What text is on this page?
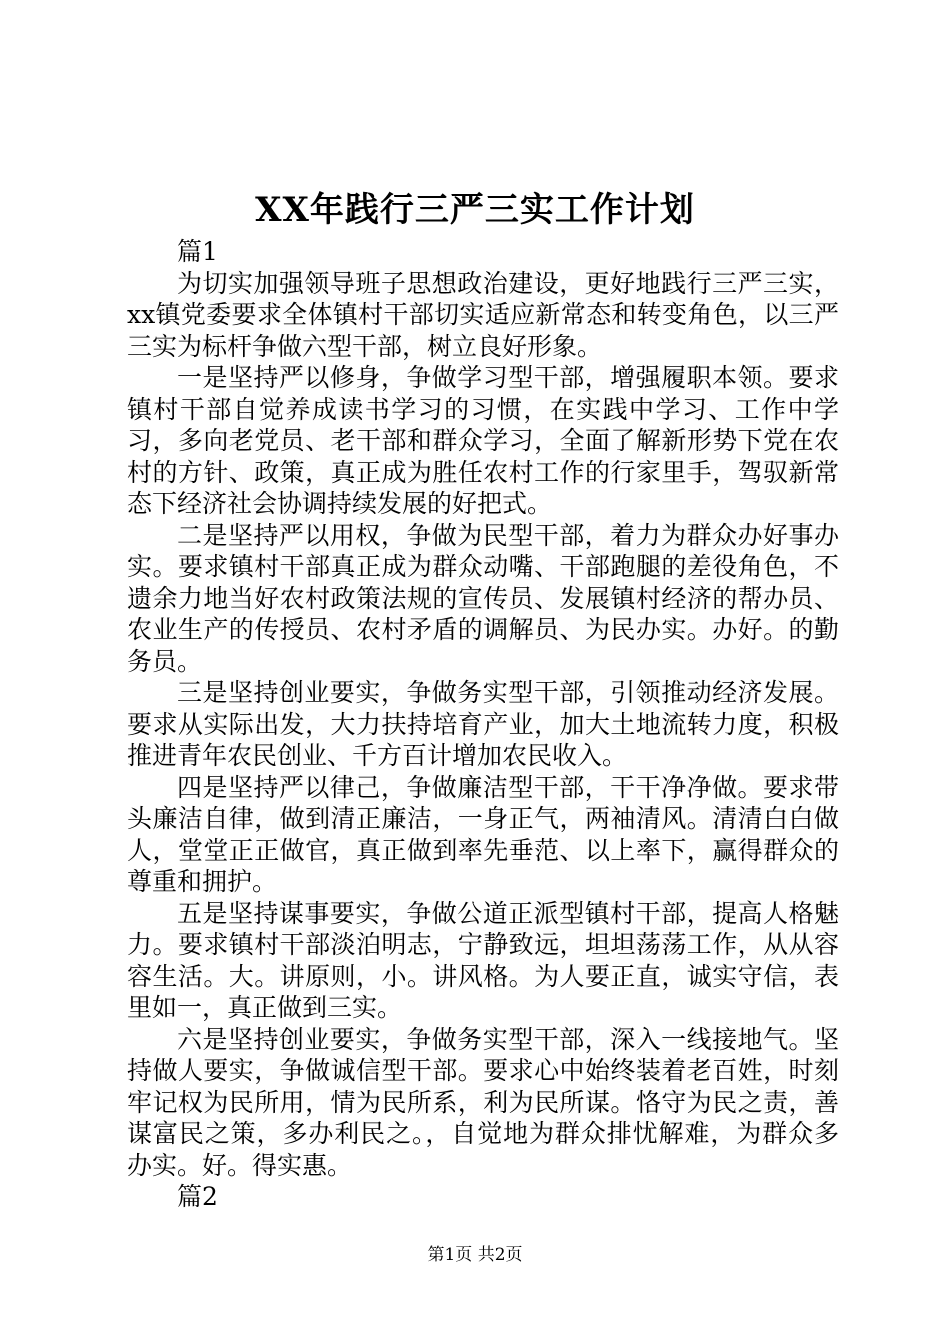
XX年践行三严三实工作计划

篇1

为切实加强领导班子思想政治建设，更好地践行三严三实，xx镇党委要求全体镇村干部切实适应新常态和转变角色，以三严三实为标杆争做六型干部，树立良好形象。

一是坚持严以修身，争做学习型干部，增强履职本领。要求镇村干部自觉养成读书学习的习惯，在实践中学习、工作中学习，多向老党员、老干部和群众学习，全面了解新形势下党在农村的方针、政策，真正成为胜任农村工作的行家里手，驾驭新常态下经济社会协调持续发展的好把式。

二是坚持严以用权，争做为民型干部，着力为群众办好事办实。要求镇村干部真正成为群众动嘴、干部跑腿的差役角色，不遗余力地当好农村政策法规的宣传员、发展镇村经济的帮办员、农业生产的传授员、农村矛盾的调解员、为民办实。办好。的勤务员。

三是坚持创业要实，争做务实型干部，引领推动经济发展。要求从实际出发，大力扶持培育产业，加大土地流转力度，积极推进青年农民创业、千方百计增加农民收入。

四是坚持严以律己，争做廉洁型干部，干干净净做。要求带头廉洁自律，做到清正廉洁，一身正气，两袖清风。清清白白做人，堂堂正正做官，真正做到率先垂范、以上率下，赢得群众的尊重和拥护。

五是坚持谋事要实，争做公道正派型镇村干部，提高人格魅力。要求镇村干部淡泊明志，宁静致远，坦坦荡荡工作，从从容容生活。大。讲原则，小。讲风格。为人要正直，诚实守信，表里如一，真正做到三实。

六是坚持创业要实，争做务实型干部，深入一线接地气。坚持做人要实，争做诚信型干部。要求心中始终装着老百姓，时刻牢记权为民所用，情为民所系，利为民所谋。恪守为民之责，善谋富民之策，多办利民之。，自觉地为群众排忧解难，为群众多办实。好。得实惠。

篇2

第1页 共2页
